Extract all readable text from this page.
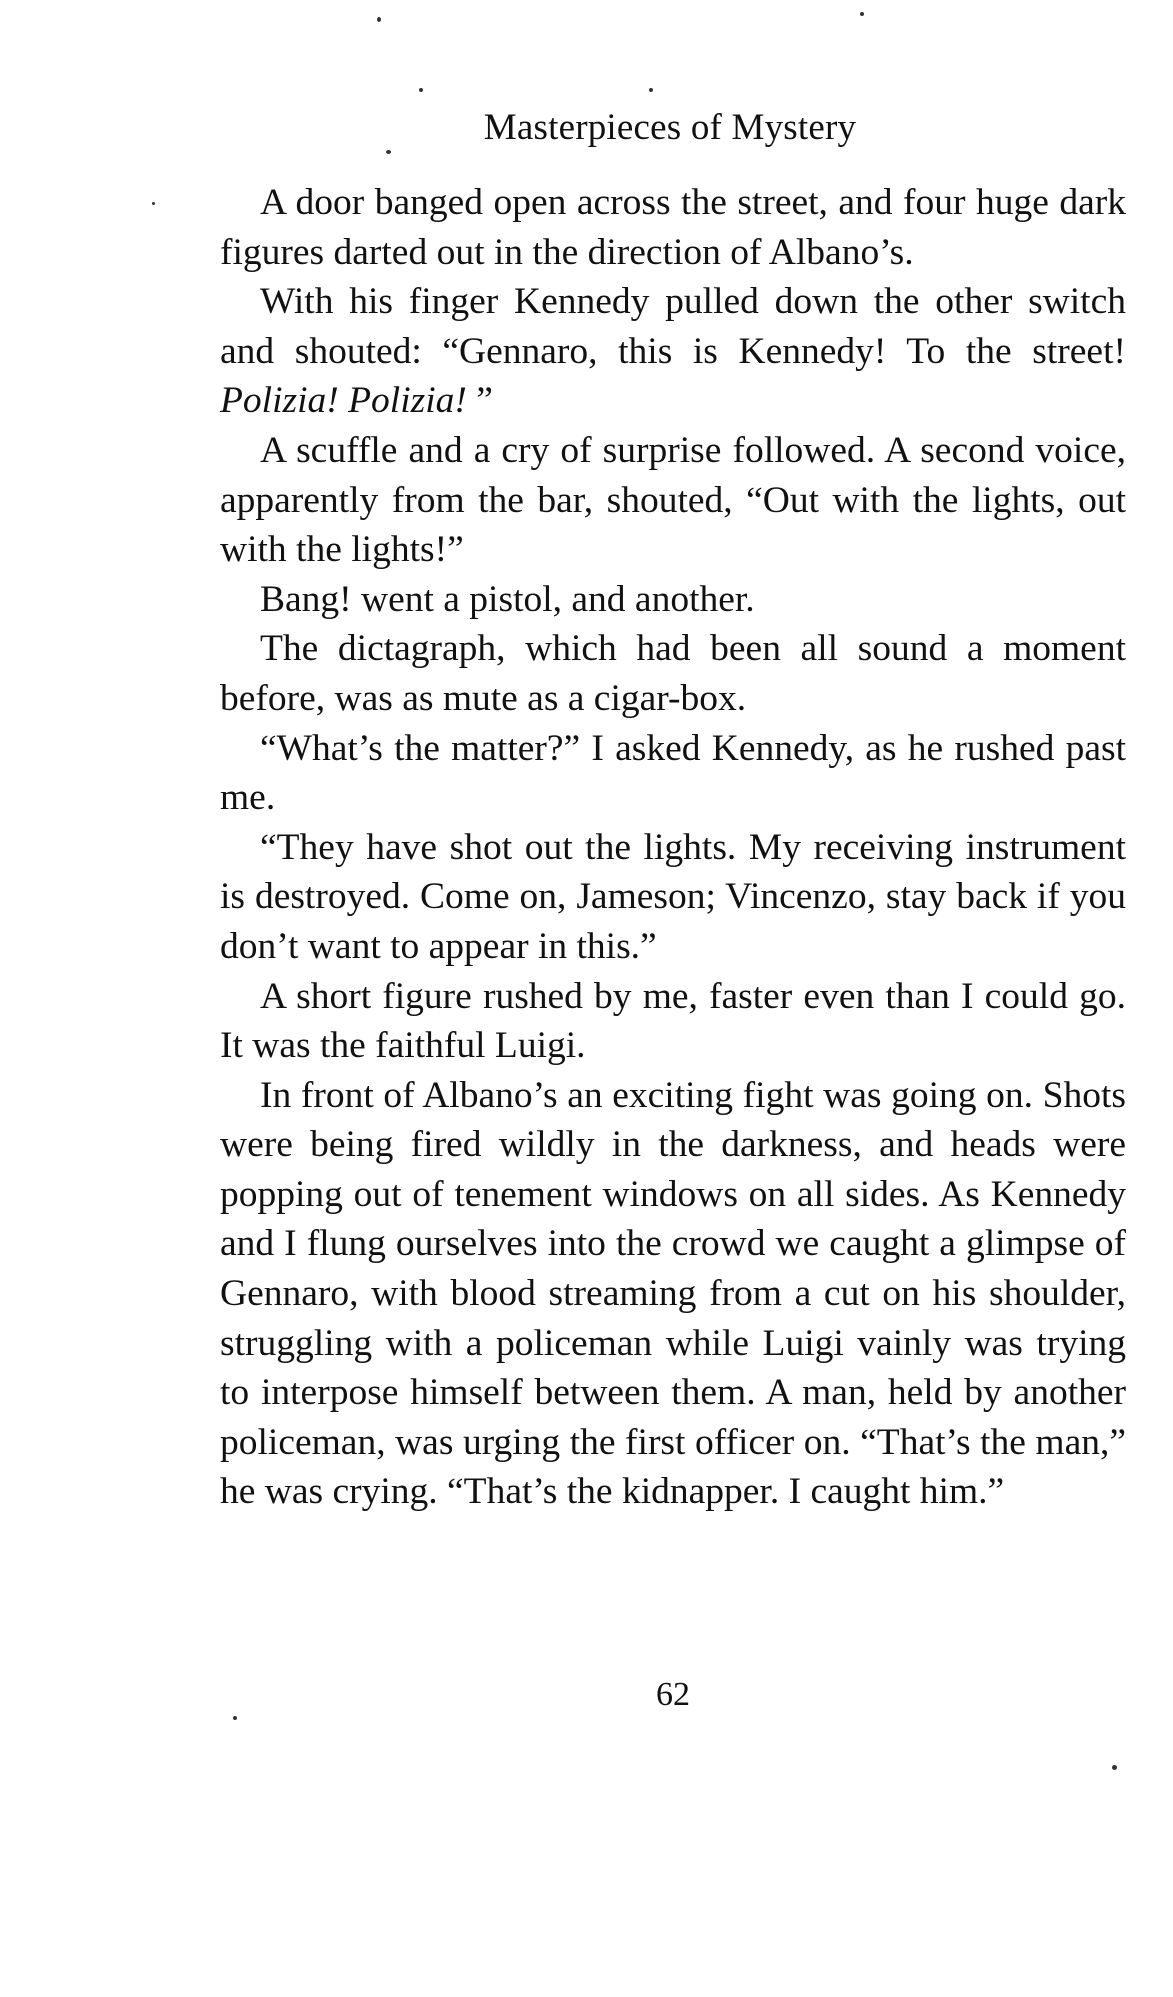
Masterpieces of Mystery

A door banged open across the street, and four huge dark figures darted out in the direction of Albano’s.

With his finger Kennedy pulled down the other switch and shouted: “Gennaro, this is Kennedy! To the street! Polizia! Polizia! ”

A scuffle and a cry of surprise followed. A second voice, apparently from the bar, shouted, “Out with the lights, out with the lights!”

Bang! went a pistol, and another.

The dictagraph, which had been all sound a moment before, was as mute as a cigar-box.

“What’s the matter?” I asked Kennedy, as he rushed past me.

“They have shot out the lights. My receiving instrument is destroyed. Come on, Jameson; Vincenzo, stay back if you don’t want to appear in this.”

A short figure rushed by me, faster even than I could go. It was the faithful Luigi.

In front of Albano’s an exciting fight was going on. Shots were being fired wildly in the darkness, and heads were popping out of tenement windows on all sides. As Kennedy and I flung ourselves into the crowd we caught a glimpse of Gennaro, with blood streaming from a cut on his shoulder, struggling with a policeman while Luigi vainly was trying to interpose himself between them. A man, held by another policeman, was urging the first officer on. “That’s the man,” he was crying. “That’s the kidnapper. I caught him.”

62
